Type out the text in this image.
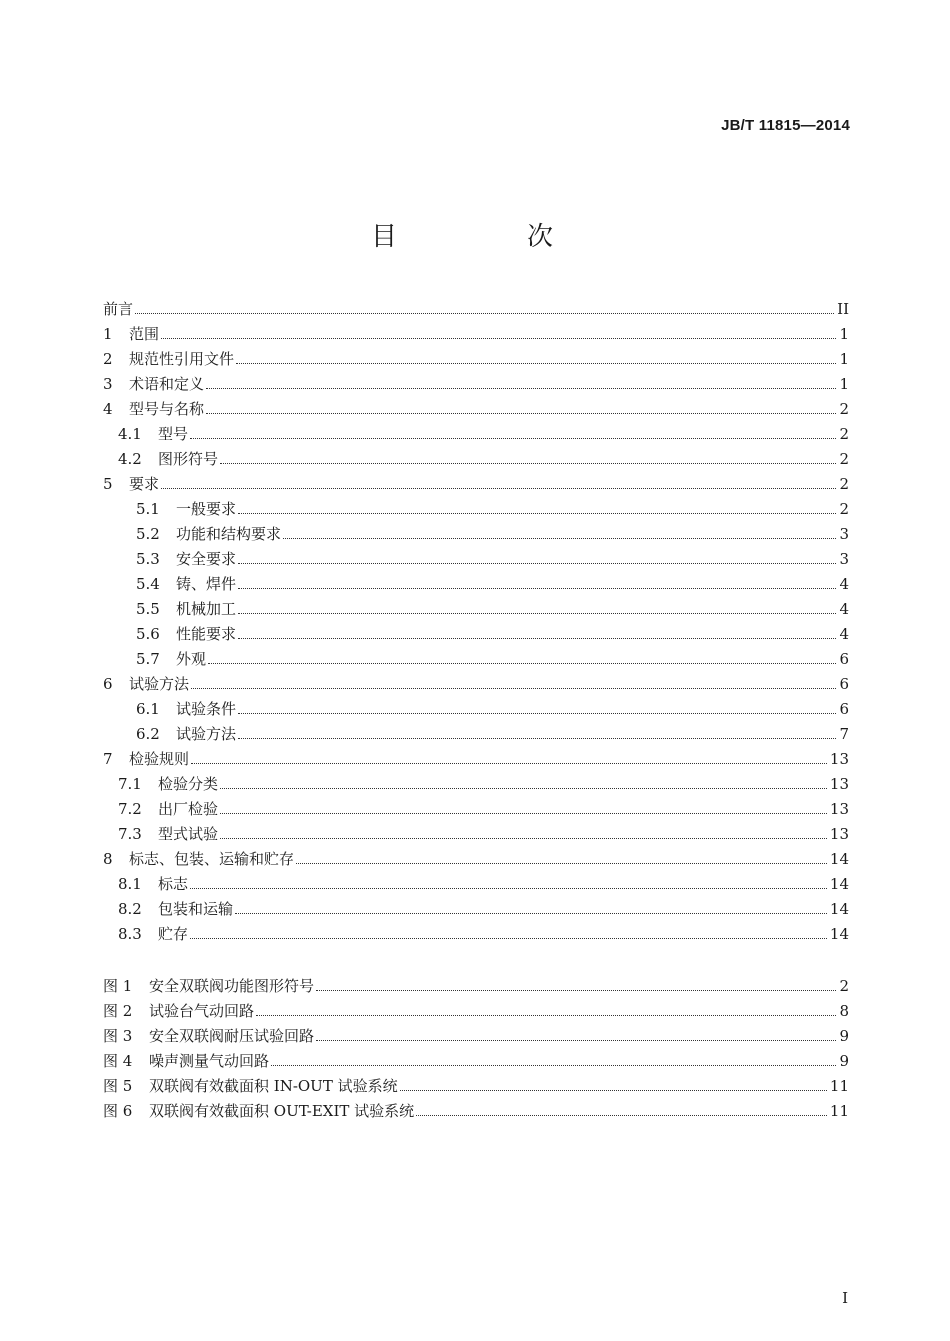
JB/T 11815—2014
目　次
前言	II
1	范围	1
2	规范性引用文件	1
3	术语和定义	1
4	型号与名称	2
4.1	型号	2
4.2	图形符号	2
5	要求	2
5.1	一般要求	2
5.2	功能和结构要求	3
5.3	安全要求	3
5.4	铸、焊件	4
5.5	机械加工	4
5.6	性能要求	4
5.7	外观	6
6	试验方法	6
6.1	试验条件	6
6.2	试验方法	7
7	检验规则	13
7.1	检验分类	13
7.2	出厂检验	13
7.3	型式试验	13
8	标志、包装、运输和贮存	14
8.1	标志	14
8.2	包装和运输	14
8.3	贮存	14
图 1	安全双联阀功能图形符号	2
图 2	试验台气动回路	8
图 3	安全双联阀耐压试验回路	9
图 4	噪声测量气动回路	9
图 5	双联阀有效截面积 IN-OUT 试验系统	11
图 6	双联阀有效截面积 OUT-EXIT 试验系统	11
I
